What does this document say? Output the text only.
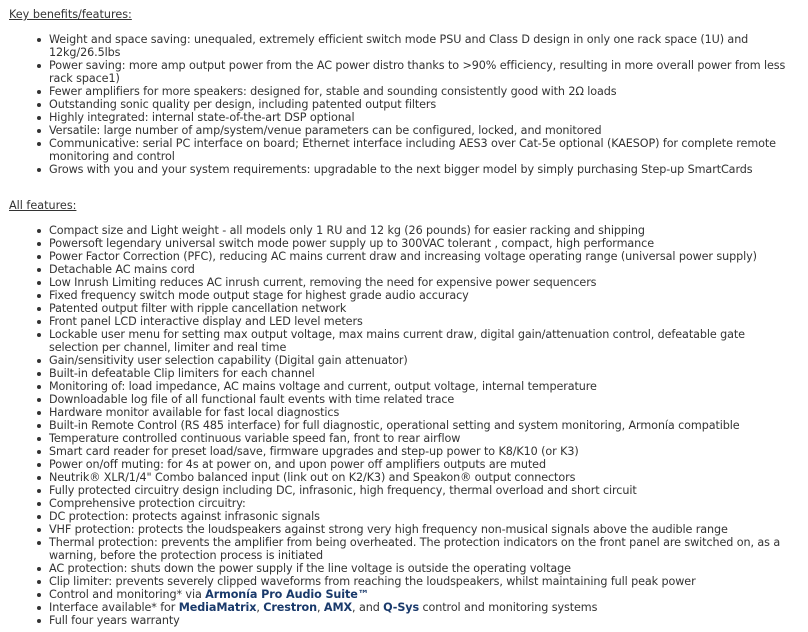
Key benefits/features:
Weight and space saving: unequaled, extremely efficient switch mode PSU and Class D design in only one rack space (1U) and 12kg/26.5lbs
Power saving: more amp output power from the AC power distro thanks to >90% efficiency, resulting in more overall power from less rack space1)
Fewer amplifiers for more speakers: designed for, stable and sounding consistently good with 2Ω loads
Outstanding sonic quality per design, including patented output filters
Highly integrated: internal state-of-the-art DSP optional
Versatile: large number of amp/system/venue parameters can be configured, locked, and monitored
Communicative: serial PC interface on board; Ethernet interface including AES3 over Cat-5e optional (KAESOP) for complete remote monitoring and control
Grows with you and your system requirements: upgradable to the next bigger model by simply purchasing Step-up SmartCards
All features:
Compact size and Light weight - all models only 1 RU and 12 kg (26 pounds) for easier racking and shipping
Powersoft legendary universal switch mode power supply up to 300VAC tolerant , compact, high performance
Power Factor Correction (PFC), reducing AC mains current draw and increasing voltage operating range (universal power supply)
Detachable AC mains cord
Low Inrush Limiting reduces AC inrush current, removing the need for expensive power sequencers
Fixed frequency switch mode output stage for highest grade audio accuracy
Patented output filter with ripple cancellation network
Front panel LCD interactive display and LED level meters
Lockable user menu for setting max output voltage, max mains current draw, digital gain/attenuation control, defeatable gate selection per channel, limiter and real time
Gain/sensitivity user selection capability (Digital gain attenuator)
Built-in defeatable Clip limiters for each channel
Monitoring of: load impedance, AC mains voltage and current, output voltage, internal temperature
Downloadable log file of all functional fault events with time related trace
Hardware monitor available for fast local diagnostics
Built-in Remote Control (RS 485 interface) for full diagnostic, operational setting and system monitoring, Armonía compatible
Temperature controlled continuous variable speed fan, front to rear airflow
Smart card reader for preset load/save, firmware upgrades and step-up power to K8/K10 (or K3)
Power on/off muting: for 4s at power on, and upon power off amplifiers outputs are muted
Neutrik® XLR/1/4" Combo balanced input (link out on K2/K3) and Speakon® output connectors
Fully protected circuitry design including DC, infrasonic, high frequency, thermal overload and short circuit
Comprehensive protection circuitry:
DC protection: protects against infrasonic signals
VHF protection: protects the loudspeakers against strong very high frequency non-musical signals above the audible range
Thermal protection: prevents the amplifier from being overheated. The protection indicators on the front panel are switched on, as a warning, before the protection process is initiated
AC protection: shuts down the power supply if the line voltage is outside the operating voltage
Clip limiter: prevents severely clipped waveforms from reaching the loudspeakers, whilst maintaining full peak power
Control and monitoring* via Armonía Pro Audio Suite™
Interface available* for MediaMatrix, Crestron, AMX, and Q-Sys control and monitoring systems
Full four years warranty
